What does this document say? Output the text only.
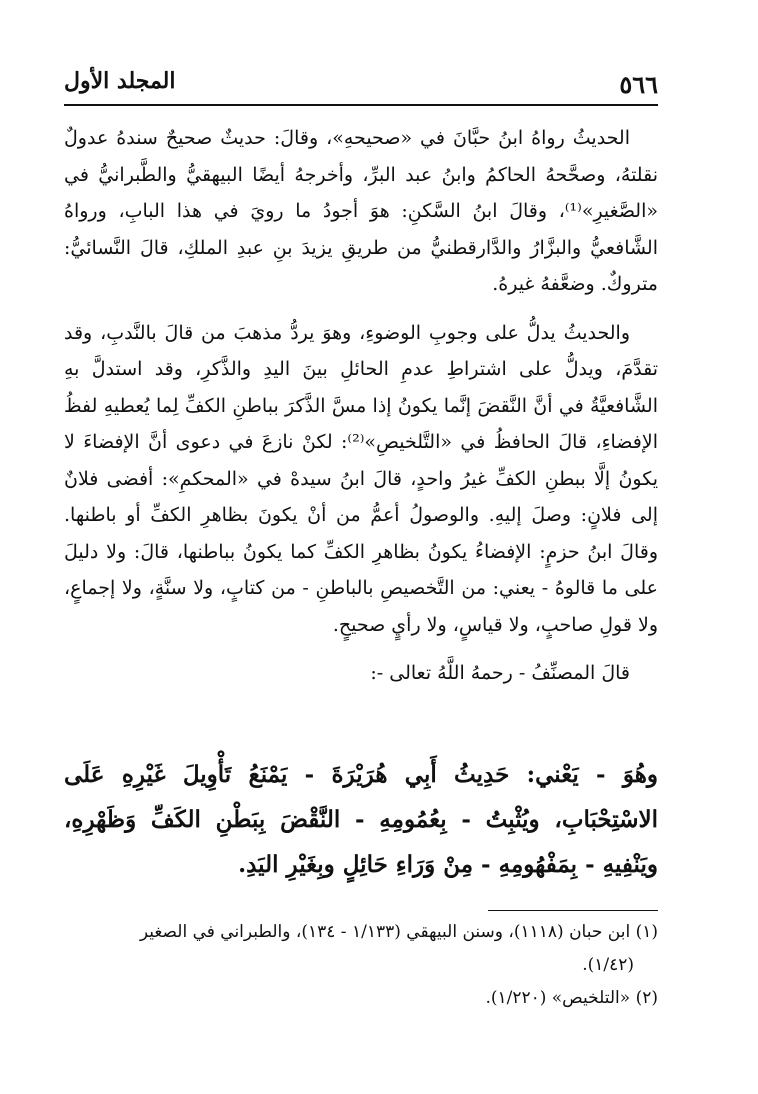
٥٦٦
المجلد الأول

الحديثُ رواهُ ابنُ حبَّانَ في «صحيحهِ»، وقالَ: حديثٌ صحيحٌ سندهُ عدولٌ نقلتهُ، وصحَّحهُ الحاكمُ وابنُ عبد البرِّ، وأخرجهُ أيضًا البيهقيُّ والطَّبرانيُّ في «الصَّغيرِ»⁽¹⁾، وقالَ ابنُ السَّكنِ: هوَ أجودُ ما رويَ في هذا البابِ، ورواهُ الشَّافعيُّ والبزَّارُ والدَّارقطنيُّ من طريقِ يزيدَ بنِ عبدِ الملكِ، قالَ النَّسائيُّ: متروكٌ. وضعَّفهُ غيرهُ.

والحديثُ يدلُّ على وجوبِ الوضوءِ، وهوَ يردُّ مذهبَ من قالَ بالنَّدبِ، وقد تقدَّمَ، ويدلُّ على اشتراطِ عدمِ الحائلِ بينَ اليدِ والذَّكرِ، وقد استدلَّ بهِ الشَّافعيَّةُ في أنَّ النَّقضَ إنَّما يكونُ إذا مسَّ الذَّكرَ بباطنِ الكفِّ لِما يُعطيهِ لفظُ الإفضاءِ، قالَ الحافظُ في «التَّلخيصِ»⁽²⁾: لكنْ نازعَ في دعوى أنَّ الإفضاءَ لا يكونُ إلَّا ببطنِ الكفِّ غيرُ واحدٍ، قالَ ابنُ سيدهْ في «المحكمِ»: أفضى فلانٌ إلى فلانٍ: وصلَ إليهِ. والوصولُ أعمُّ من أنْ يكونَ بظاهرِ الكفِّ أو باطنها. وقالَ ابنُ حزمٍ: الإفضاءُ يكونُ بظاهرِ الكفِّ كما يكونُ بباطنها، قالَ: ولا دليلَ على ما قالوهُ - يعني: من التَّخصيصِ بالباطنِ - من كتابٍ، ولا سنَّةٍ، ولا إجماعٍ، ولا قولِ صاحبٍ، ولا قياسٍ، ولا رأيٍ صحيحٍ.

قالَ المصنِّفُ - رحمهُ اللَّهُ تعالى -:

وهُوَ - يَعْني: حَدِيثُ أَبِي هُرَيْرَةَ - يَمْنَعُ تَأْوِيلَ غَيْرِهِ عَلَى الاسْتِحْبَابِ، ويُثْبِتُ - بِعُمُومِهِ - النَّقْضَ بِبَطْنِ الكَفِّ وَظَهْرِهِ، ويَنْفِيهِ - بِمَفْهُومِهِ - مِنْ وَرَاءِ حَائِلٍ وبِغَيْرِ اليَدِ.

(١) ابن حبان (١١١٨)، وسنن البيهقي (١/١٣٣ - ١٣٤)، والطبراني في الصغير

(١/٤٢).

(٢) «التلخيص» (١/٢٢٠).
